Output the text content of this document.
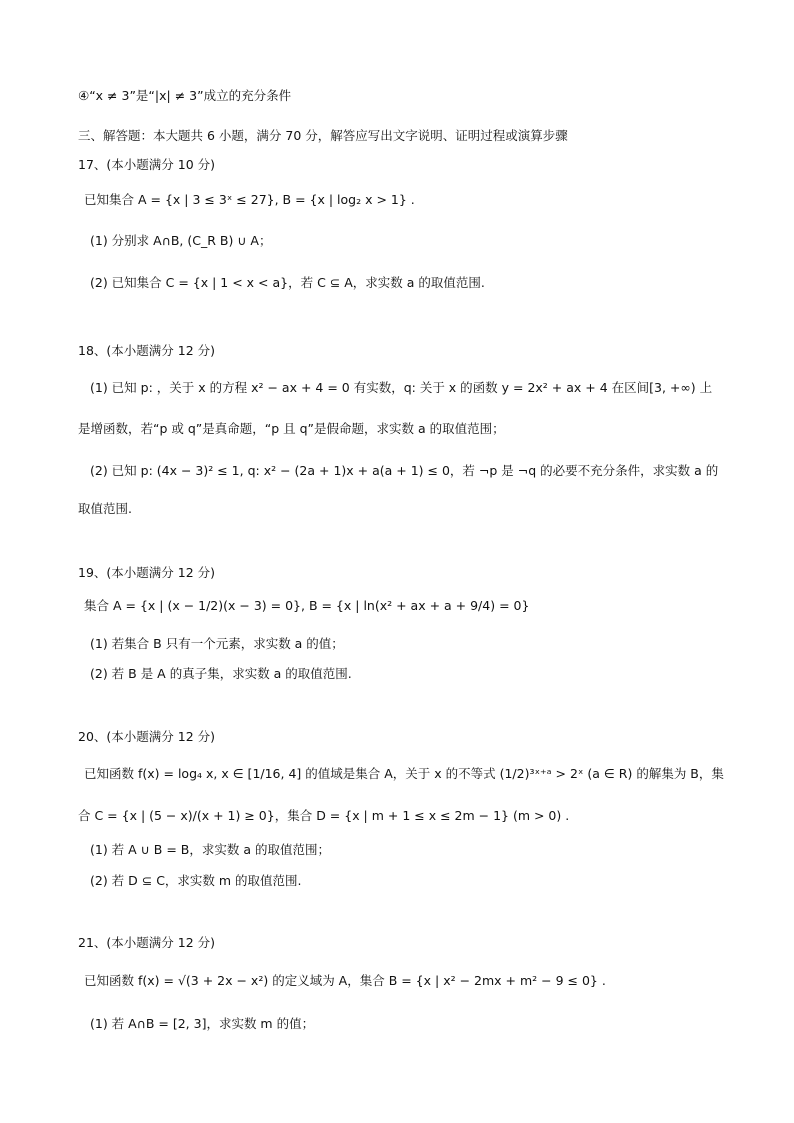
④“x ≠ 3”是“|x| ≠ 3”成立的充分条件
三、解答题：本大题共 6 小题，满分 70 分，解答应写出文字说明、证明过程或演算步骤
17、(本小题满分 10 分)
已知集合 A = {x | 3 ≤ 3ˣ ≤ 27}, B = {x | log₂ x > 1} .
(1) 分别求 A∩B, (C_R B) ∪ A；
(2) 已知集合 C = {x | 1 < x < a}，若 C ⊆ A，求实数 a 的取值范围.
18、(本小题满分 12 分)
(1) 已知 p: ，关于 x 的方程 x² − ax + 4 = 0 有实数，q: 关于 x 的函数 y = 2x² + ax + 4 在区间[3, +∞) 上
是增函数，若“p 或 q”是真命题，“p 且 q”是假命题，求实数 a 的取值范围；
(2) 已知 p: (4x − 3)² ≤ 1, q: x² − (2a + 1)x + a(a + 1) ≤ 0，若 ¬p 是 ¬q 的必要不充分条件，求实数 a 的
取值范围.
19、(本小题满分 12 分)
集合 A = {x | (x − 1/2)(x − 3) = 0}, B = {x | ln(x² + ax + a + 9/4) = 0}
(1) 若集合 B 只有一个元素，求实数 a 的值；
(2) 若 B 是 A 的真子集，求实数 a 的取值范围.
20、(本小题满分 12 分)
已知函数 f(x) = log₄ x, x ∈ [1/16, 4] 的值域是集合 A，关于 x 的不等式 (1/2)³ˣ⁺ᵃ > 2ˣ (a ∈ R) 的解集为 B，集
合 C = {x | (5 − x)/(x + 1) ≥ 0}，集合 D = {x | m + 1 ≤ x ≤ 2m − 1} (m > 0) .
(1) 若 A ∪ B = B，求实数 a 的取值范围；
(2) 若 D ⊆ C，求实数 m 的取值范围.
21、(本小题满分 12 分)
已知函数 f(x) = √(3 + 2x − x²) 的定义域为 A，集合 B = {x | x² − 2mx + m² − 9 ≤ 0} .
(1) 若 A∩B = [2, 3]，求实数 m 的值；
